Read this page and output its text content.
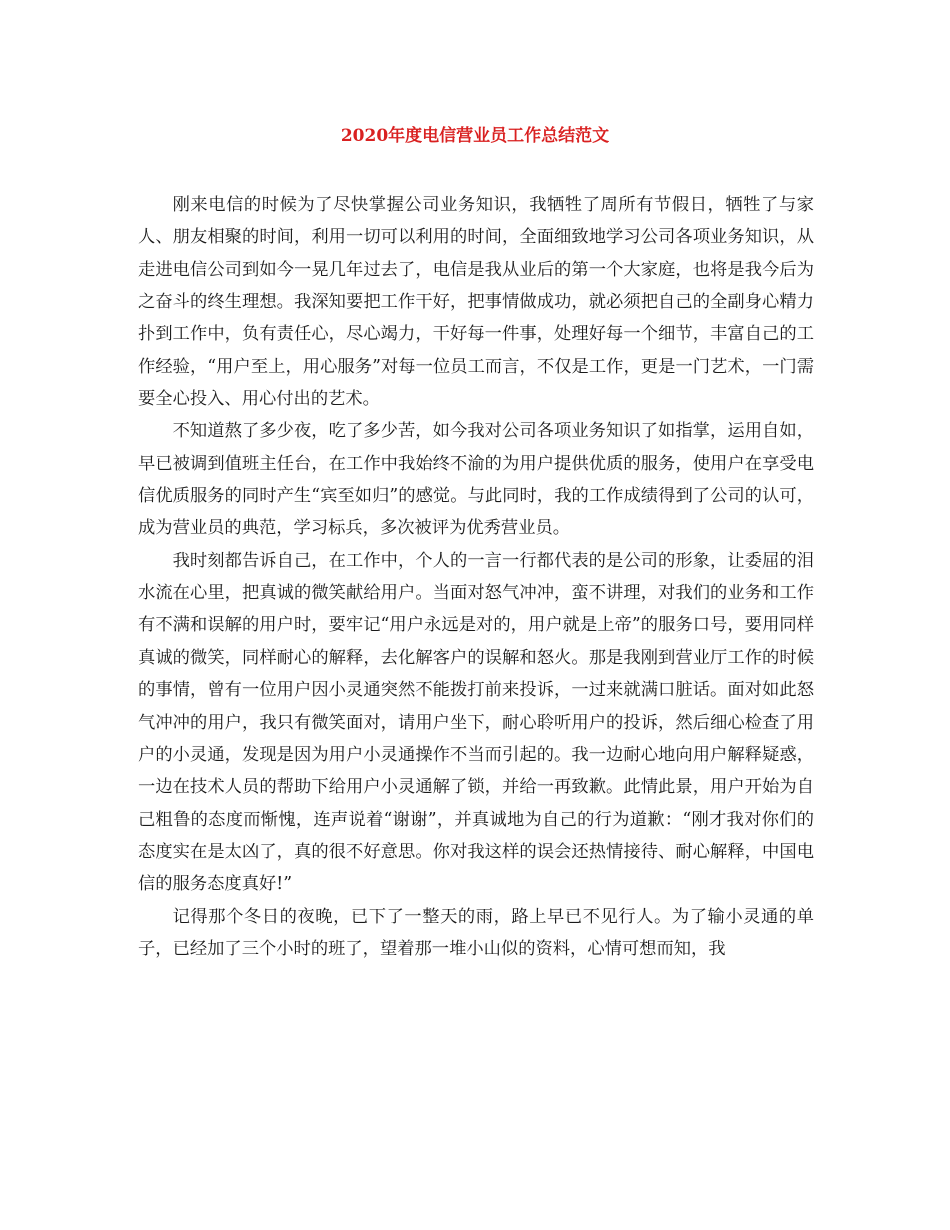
2020年度电信营业员工作总结范文

刚来电信的时候为了尽快掌握公司业务知识，我牺牲了周所有节假日，牺牲了与家人、朋友相聚的时间，利用一切可以利用的时间，全面细致地学习公司各项业务知识，从走进电信公司到如今一晃几年过去了，电信是我从业后的第一个大家庭，也将是我今后为之奋斗的终生理想。我深知要把工作干好，把事情做成功，就必须把自己的全副身心精力扑到工作中，负有责任心，尽心竭力，干好每一件事，处理好每一个细节，丰富自己的工作经验，“用户至上，用心服务”对每一位员工而言，不仅是工作，更是一门艺术，一门需要全心投入、用心付出的艺术。

不知道熬了多少夜，吃了多少苦，如今我对公司各项业务知识了如指掌，运用自如，早已被调到值班主任台，在工作中我始终不渝的为用户提供优质的服务，使用户在享受电信优质服务的同时产生“宾至如归”的感觉。与此同时，我的工作成绩得到了公司的认可，成为营业员的典范，学习标兵，多次被评为优秀营业员。

我时刻都告诉自己，在工作中，个人的一言一行都代表的是公司的形象，让委屈的泪水流在心里，把真诚的微笑献给用户。当面对怒气冲冲，蛮不讲理，对我们的业务和工作有不满和误解的用户时，要牢记“用户永远是对的，用户就是上帝”的服务口号，要用同样真诚的微笑，同样耐心的解释，去化解客户的误解和怒火。那是我刚到营业厅工作的时候的事情，曾有一位用户因小灵通突然不能拨打前来投诉，一过来就满口脏话。面对如此怒气冲冲的用户，我只有微笑面对，请用户坐下，耐心聆听用户的投诉，然后细心检查了用户的小灵通，发现是因为用户小灵通操作不当而引起的。我一边耐心地向用户解释疑惑，一边在技术人员的帮助下给用户小灵通解了锁，并给一再致歉。此情此景，用户开始为自己粗鲁的态度而惭愧，连声说着“谢谢”，并真诚地为自己的行为道歉：“刚才我对你们的态度实在是太凶了，真的很不好意思。你对我这样的误会还热情接待、耐心解释，中国电信的服务态度真好!”

记得那个冬日的夜晚，已下了一整天的雨，路上早已不见行人。为了输小灵通的单子，已经加了三个小时的班了，望着那一堆小山似的资料，心情可想而知，我
